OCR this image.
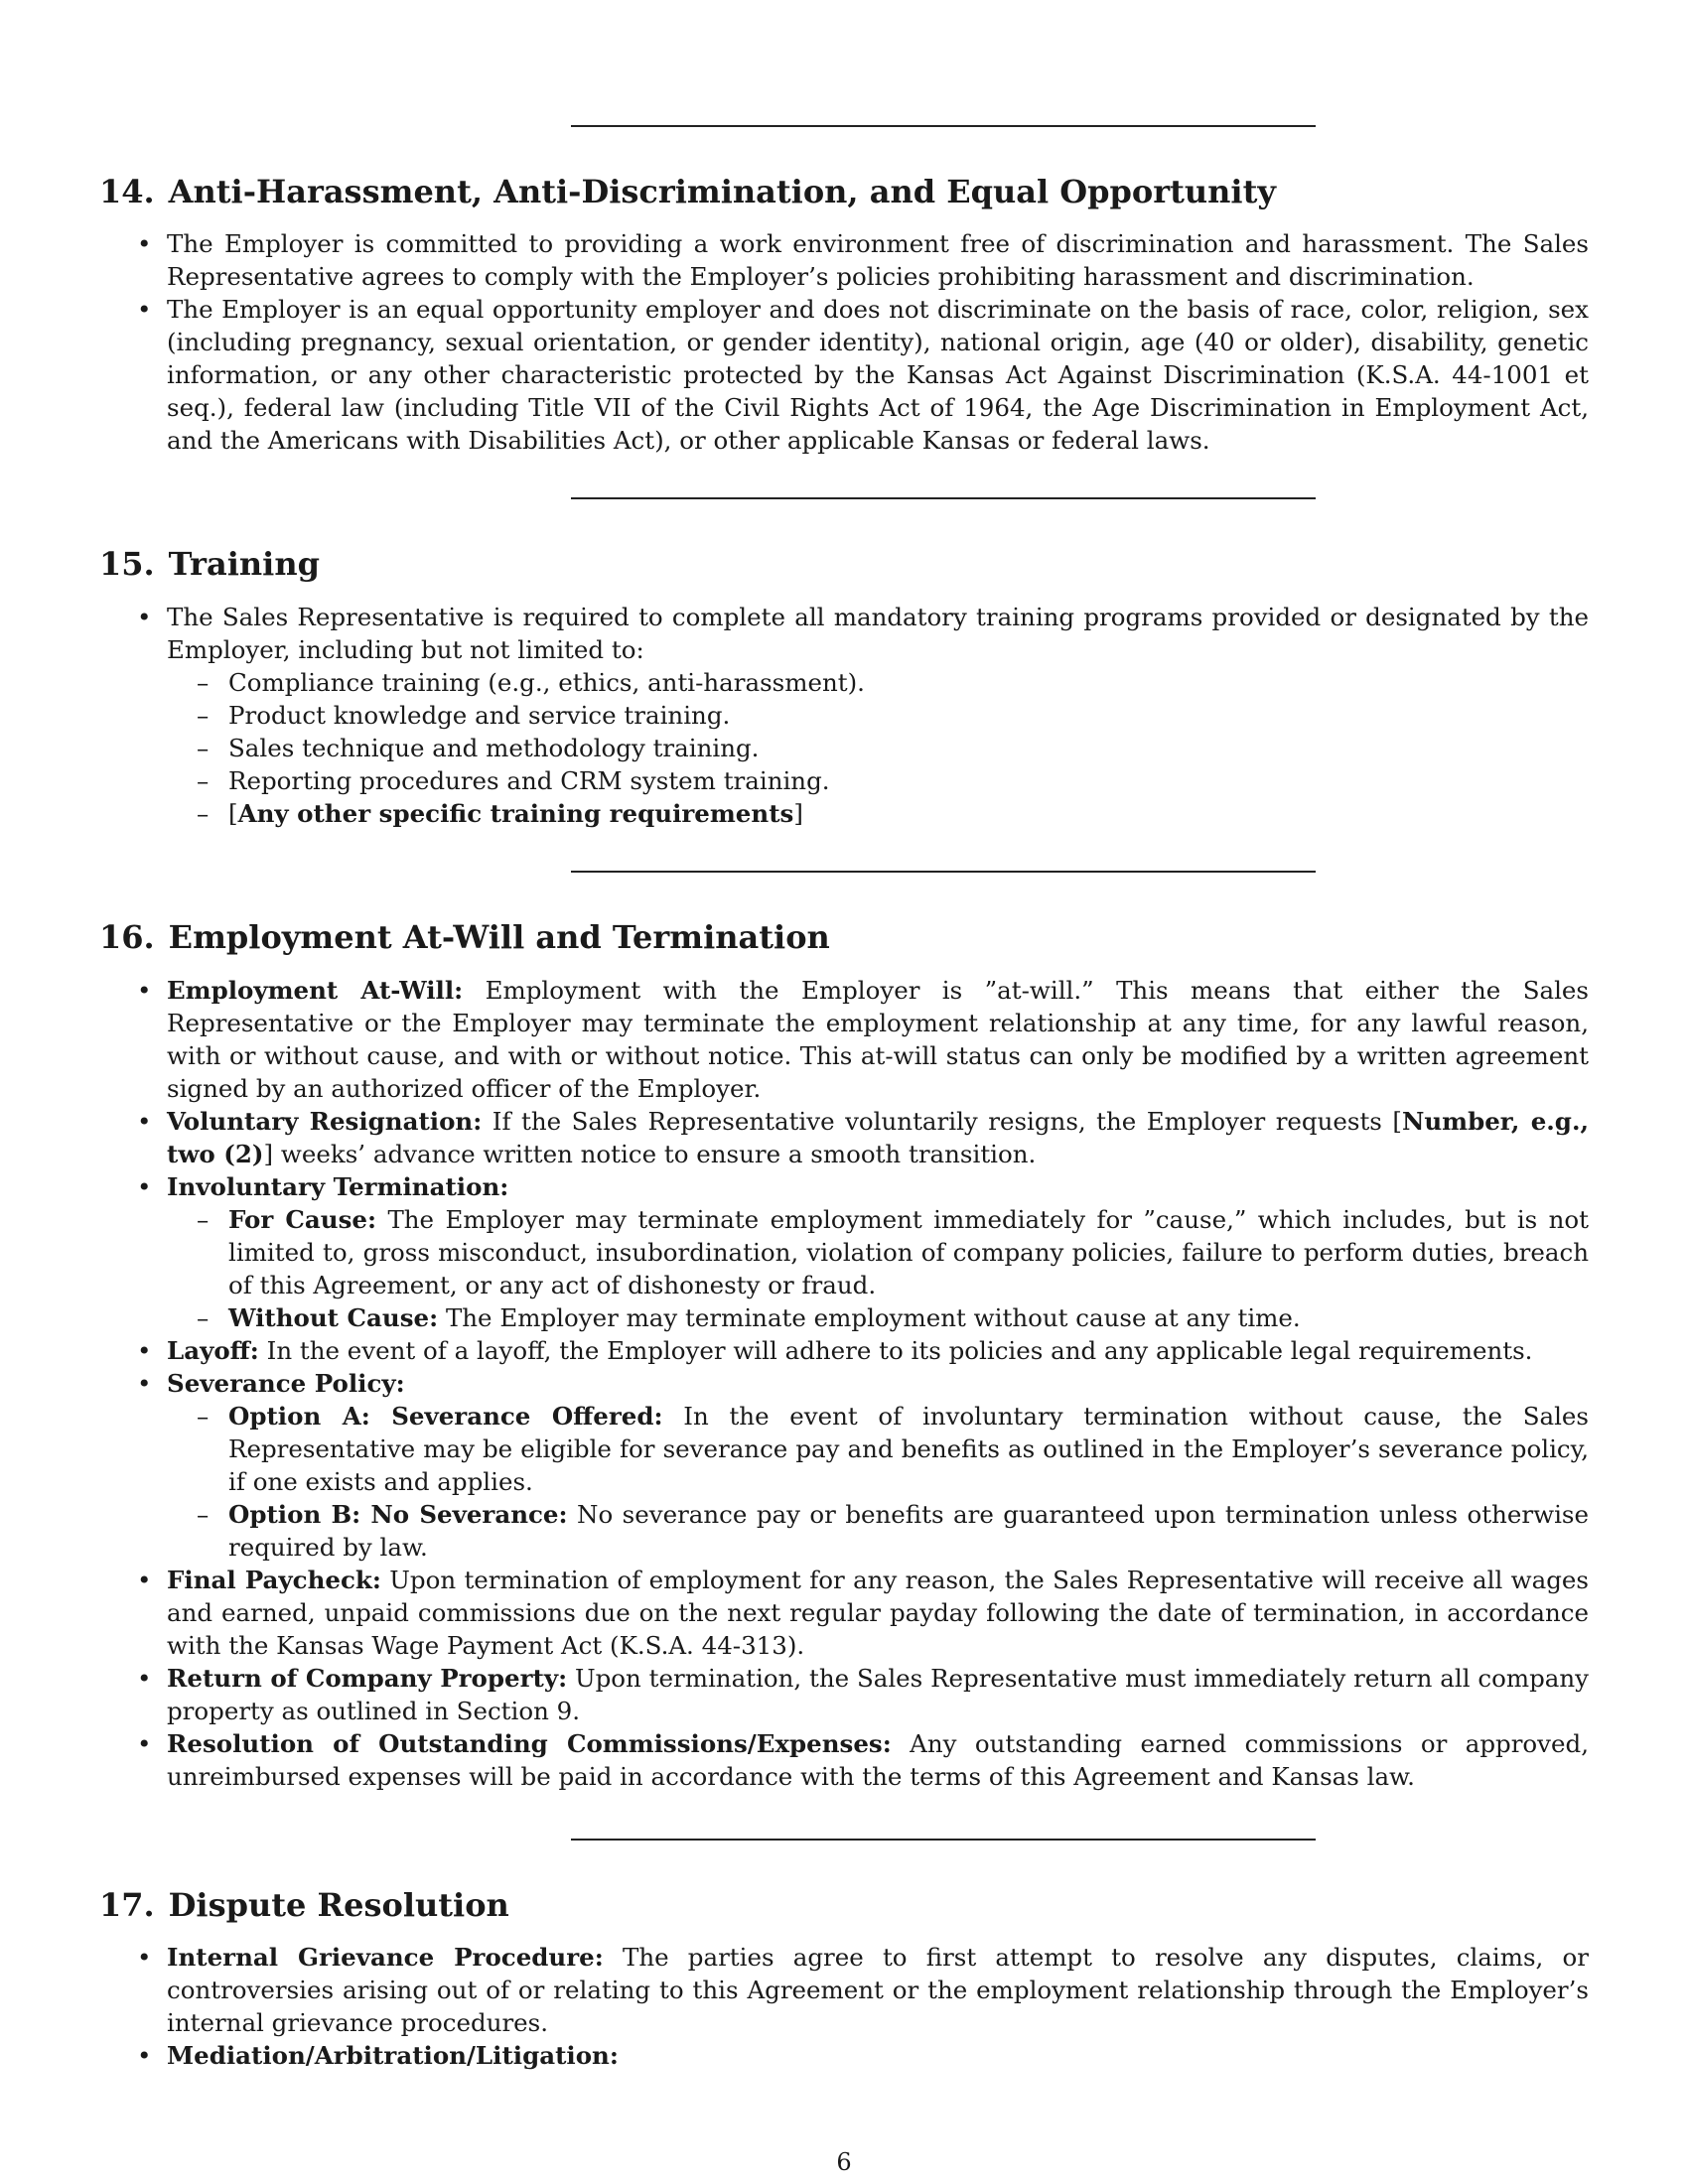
14. Anti-Harassment, Anti-Discrimination, and Equal Opportunity
• The Employer is committed to providing a work environment free of discrimination and harassment. The Sales Representative agrees to comply with the Employer’s policies prohibiting harassment and discrimination.
• The Employer is an equal opportunity employer and does not discriminate on the basis of race, color, religion, sex (including pregnancy, sexual orientation, or gender identity), national origin, age (40 or older), disability, genetic information, or any other characteristic protected by the Kansas Act Against Discrimination (K.S.A. 44-1001 et seq.), federal law (including Title VII of the Civil Rights Act of 1964, the Age Discrimination in Employment Act, and the Americans with Disabilities Act), or other applicable Kansas or federal laws.
15. Training
• The Sales Representative is required to complete all mandatory training programs provided or designated by the Employer, including but not limited to:
– Compliance training (e.g., ethics, anti-harassment).
– Product knowledge and service training.
– Sales technique and methodology training.
– Reporting procedures and CRM system training.
– [Any other specific training requirements]
16. Employment At-Will and Termination
• Employment At-Will: Employment with the Employer is ”at-will.” This means that either the Sales Representative or the Employer may terminate the employment relationship at any time, for any lawful reason, with or without cause, and with or without notice. This at-will status can only be modified by a written agreement signed by an authorized officer of the Employer.
• Voluntary Resignation: If the Sales Representative voluntarily resigns, the Employer requests [Number, e.g., two (2)] weeks’ advance written notice to ensure a smooth transition.
• Involuntary Termination:
– For Cause: The Employer may terminate employment immediately for ”cause,” which includes, but is not limited to, gross misconduct, insubordination, violation of company policies, failure to perform duties, breach of this Agreement, or any act of dishonesty or fraud.
– Without Cause: The Employer may terminate employment without cause at any time.
• Layoff: In the event of a layoff, the Employer will adhere to its policies and any applicable legal requirements.
• Severance Policy:
– Option A: Severance Offered: In the event of involuntary termination without cause, the Sales Representative may be eligible for severance pay and benefits as outlined in the Employer’s severance policy, if one exists and applies.
– Option B: No Severance: No severance pay or benefits are guaranteed upon termination unless otherwise required by law.
• Final Paycheck: Upon termination of employment for any reason, the Sales Representative will receive all wages and earned, unpaid commissions due on the next regular payday following the date of termination, in accordance with the Kansas Wage Payment Act (K.S.A. 44-313).
• Return of Company Property: Upon termination, the Sales Representative must immediately return all company property as outlined in Section 9.
• Resolution of Outstanding Commissions/Expenses: Any outstanding earned commissions or approved, unreimbursed expenses will be paid in accordance with the terms of this Agreement and Kansas law.
17. Dispute Resolution
• Internal Grievance Procedure: The parties agree to first attempt to resolve any disputes, claims, or controversies arising out of or relating to this Agreement or the employment relationship through the Employer’s internal grievance procedures.
• Mediation/Arbitration/Litigation:
6
